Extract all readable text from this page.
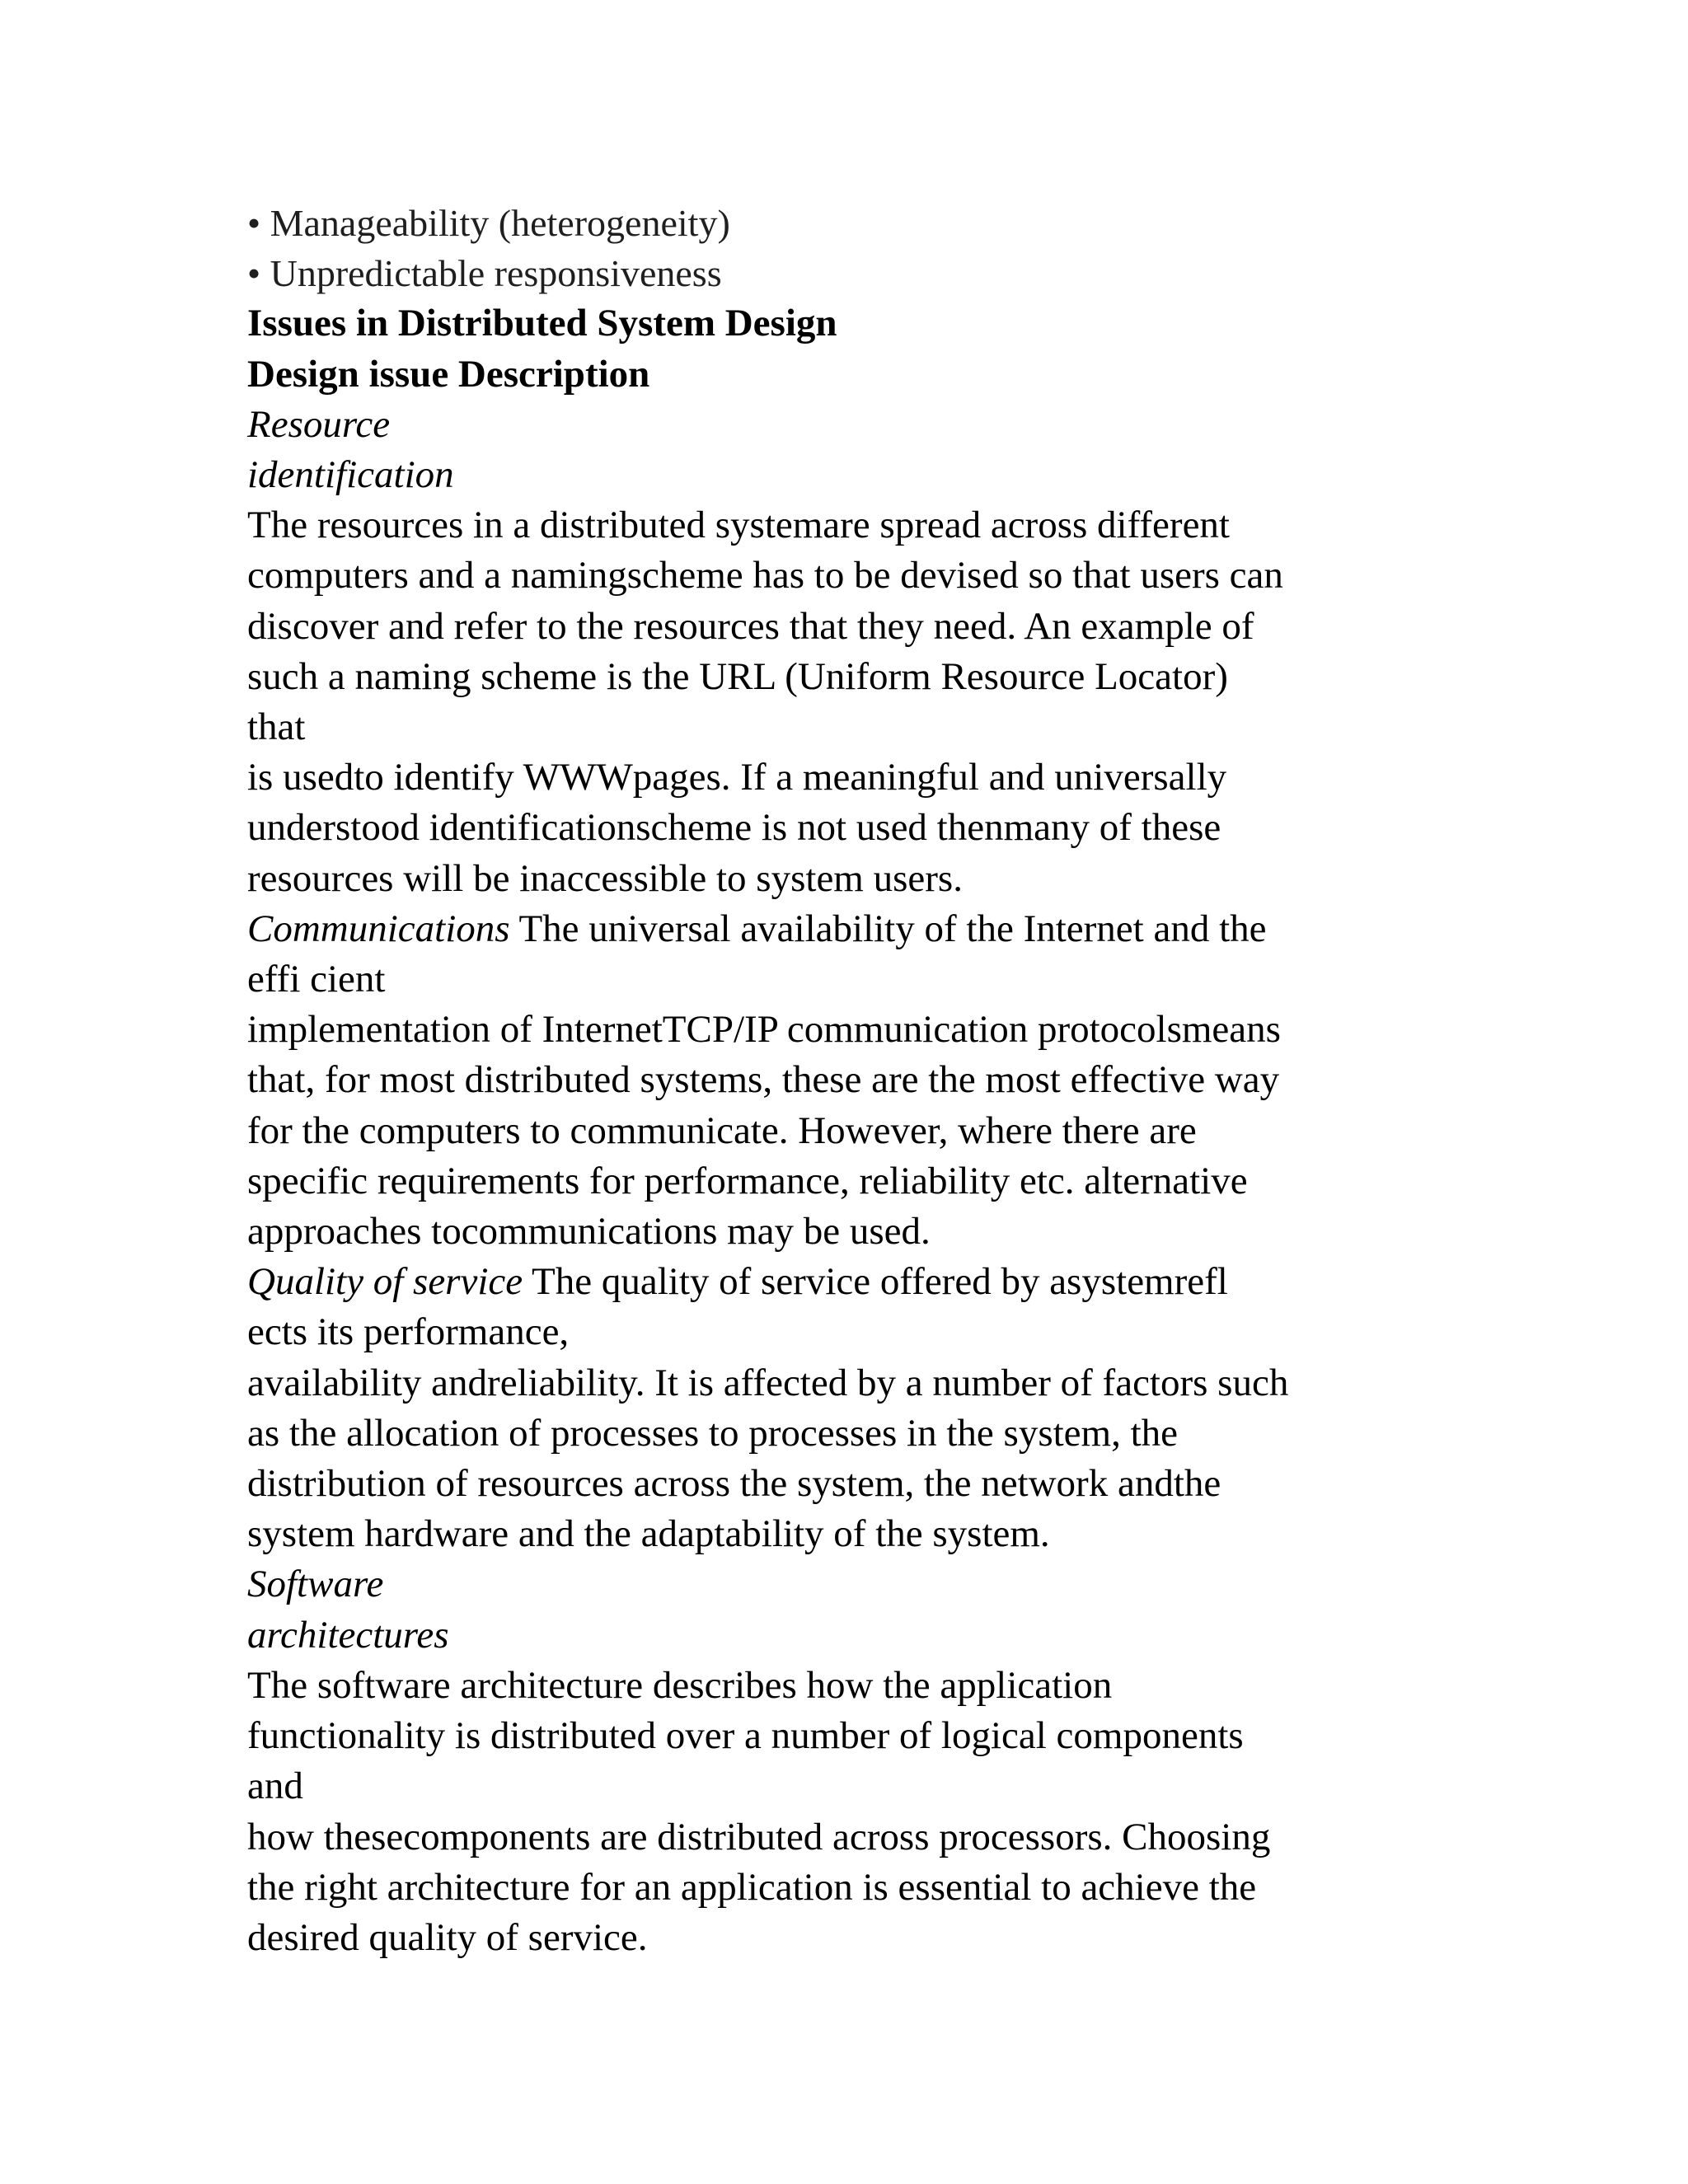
• Manageability (heterogeneity)
• Unpredictable responsiveness
Issues in Distributed System Design
Design issue Description
Resource
identification
The resources in a distributed systemare spread across different
computers and a namingscheme has to be devised so that users can
discover and refer to the resources that they need. An example of
such a naming scheme is the URL (Uniform Resource Locator)
that
is usedto identify WWWpages. If a meaningful and universally
understood identificationscheme is not used thenmany of these
resources will be inaccessible to system users.
Communications The universal availability of the Internet and the
effi cient
implementation of InternetTCP/IP communication protocolsmeans
that, for most distributed systems, these are the most effective way
for the computers to communicate. However, where there are
specific requirements for performance, reliability etc. alternative
approaches tocommunications may be used.
Quality of service The quality of service offered by asystemrefl
ects its performance,
availability andreliability. It is affected by a number of factors such
as the allocation of processes to processes in the system, the
distribution of resources across the system, the network andthe
system hardware and the adaptability of the system.
Software
architectures
The software architecture describes how the application
functionality is distributed over a number of logical components
and
how thesecomponents are distributed across processors. Choosing
the right architecture for an application is essential to achieve the
desired quality of service.
